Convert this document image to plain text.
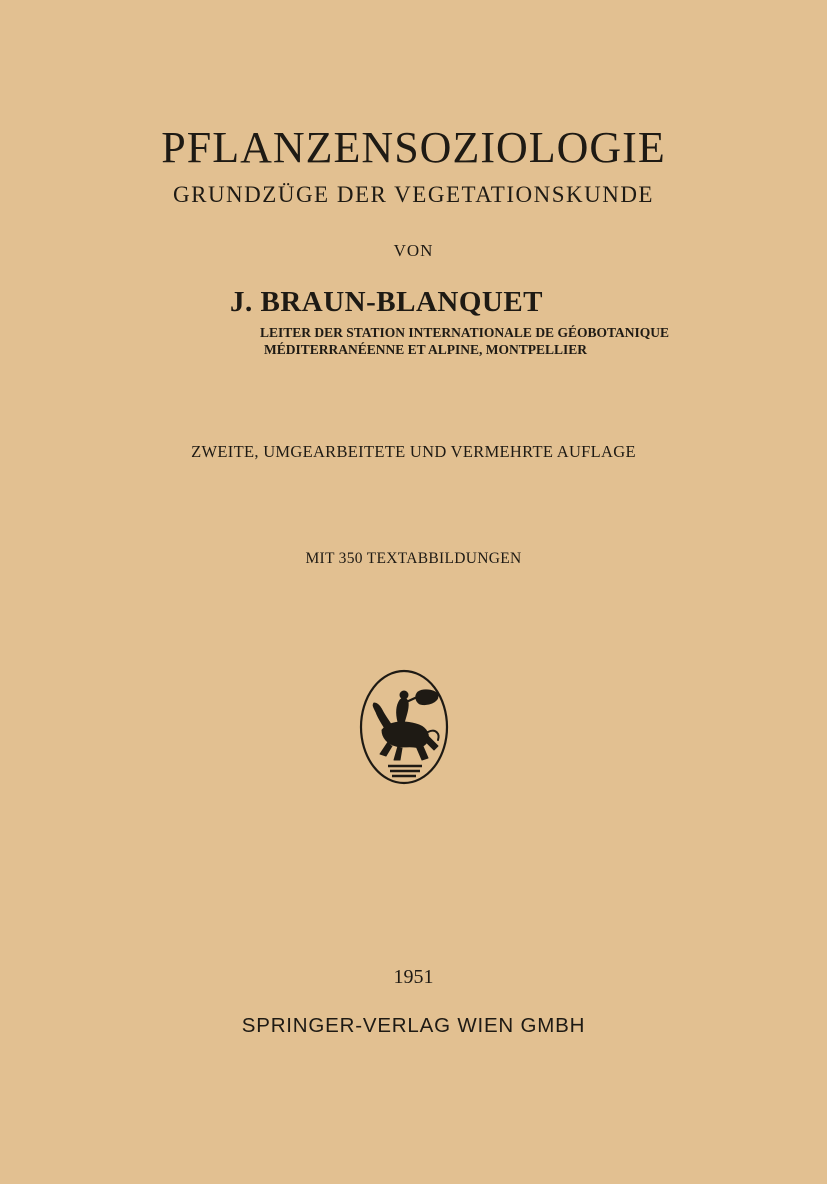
PFLANZENSOZIOLOGIE
GRUNDZÜGE DER VEGETATIONSKUNDE
VON
J. BRAUN-BLANQUET
LEITER DER STATION INTERNATIONALE DE GÉOBOTANIQUE
MÉDITERRANÉENNE ET ALPINE, MONTPELLIER
ZWEITE, UMGEARBEITETE UND VERMEHRTE AUFLAGE
MIT 350 TEXTABBILDUNGEN
1951
SPRINGER-VERLAG WIEN GMBH
